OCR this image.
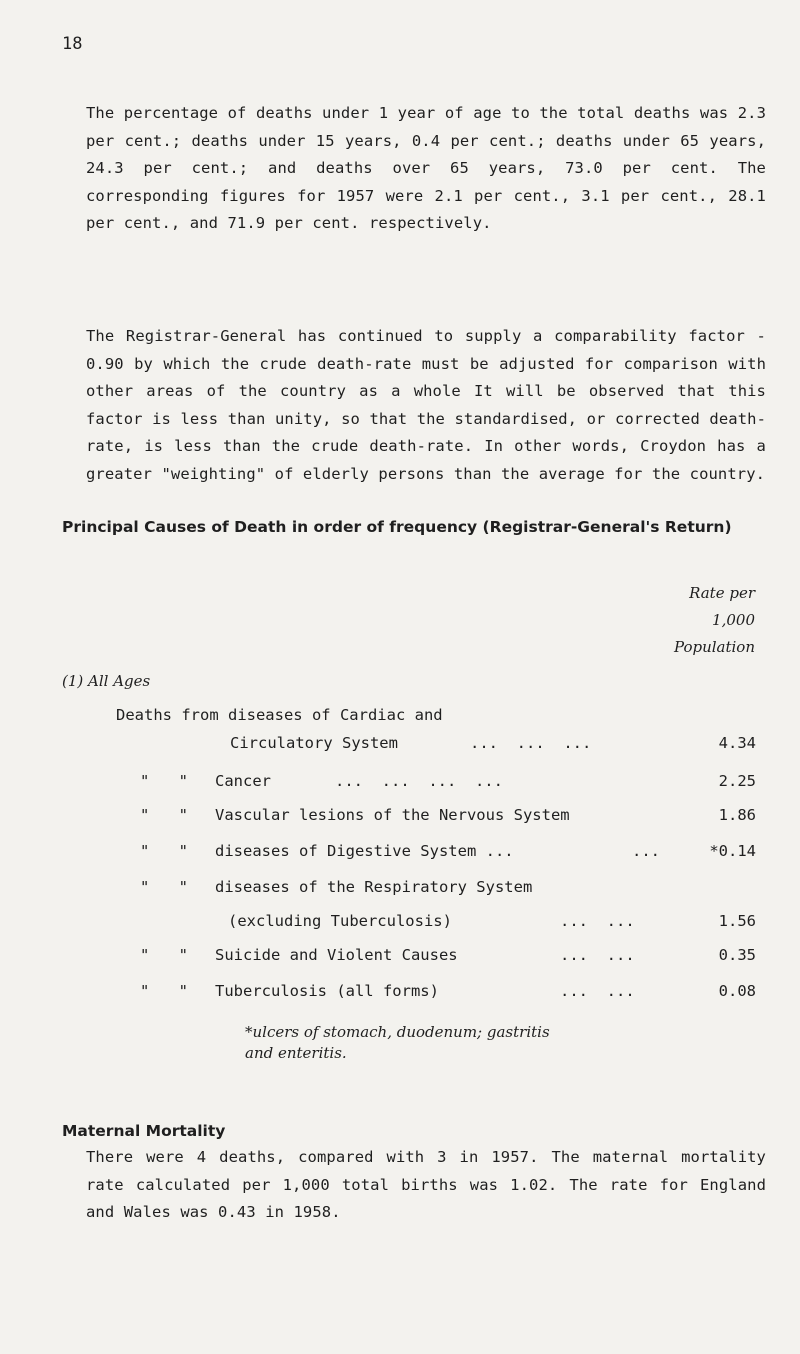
18

The percentage of deaths under 1 year of age to the total deaths was 2.3 per cent.; deaths under 15 years, 0.4 per cent.; deaths under 65 years, 24.3 per cent.; and deaths over 65 years, 73.0 per cent. The corresponding figures for 1957 were 2.1 per cent., 3.1 per cent., 28.1 per cent., and 71.9 per cent. respectively.

The Registrar-General has continued to supply a comparability factor - 0.90 by which the crude death-rate must be adjusted for comparison with other areas of the country as a whole It will be observed that this factor is less than unity, so that the standardised, or corrected death-rate, is less than the crude death-rate. In other words, Croydon has a greater "weighting" of elderly persons than the average for the country.

Principal Causes of Death in order of frequency (Registrar-General's Return)
Rate per
1,000
Population
(1) All Ages
Deaths from diseases of Cardiac and
Circulatory System	...  ...  ...	4.34
" " Cancer	...  ...  ...  ...	2.25
" " Vascular lesions of the Nervous System	1.86
" " diseases of Digestive System ...	...	*0.14
" " diseases of the Respiratory System
(excluding Tuberculosis)	...  ...	1.56
" " Suicide and Violent Causes	...  ...	0.35
" " Tuberculosis (all forms)	...  ...	0.08
*ulcers of stomach, duodenum; gastritis and enteritis.
Maternal Mortality

There were 4 deaths, compared with 3 in 1957. The maternal mortality rate calculated per 1,000 total births was 1.02. The rate for England and Wales was 0.43 in 1958.
